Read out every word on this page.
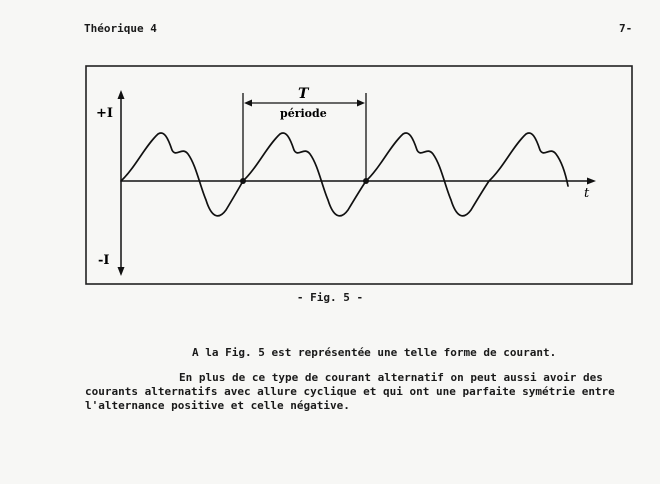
Théorique 4	7-
+I
-I
t
T
période
- Fig. 5 -
A la Fig. 5 est représentée une telle forme de courant.
En plus de ce type de courant alternatif on peut aussi avoir des
courants alternatifs avec allure cyclique et qui ont une parfaite symétrie entre
l'alternance positive et celle négative.
